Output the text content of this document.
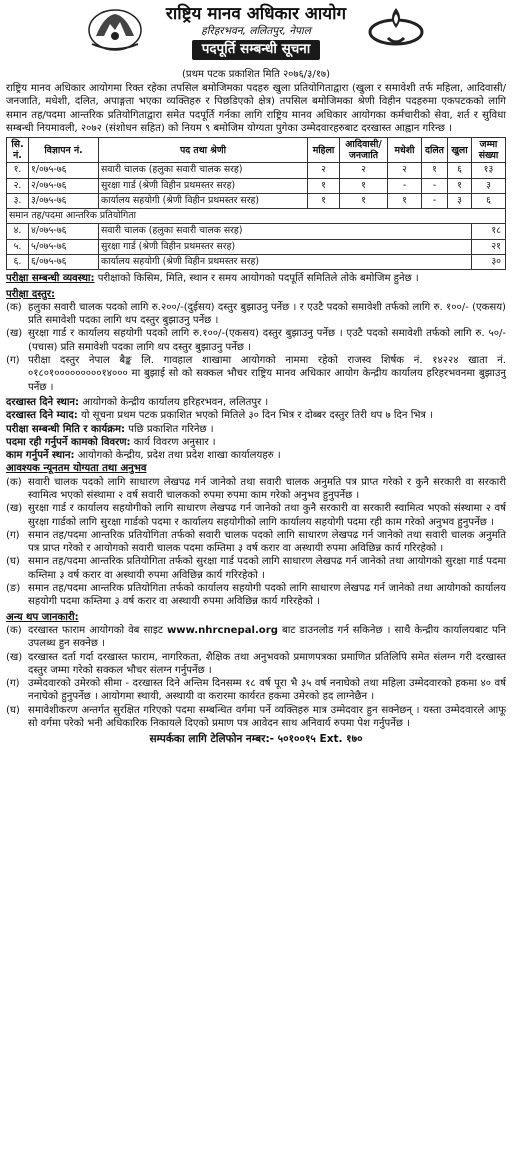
राष्ट्रिय मानव अधिकार आयोग
हरिहरभवन, ललितपुर, नेपाल
पदपूर्ति सम्बन्धी सूचना
(प्रथम पटक प्रकाशित मिति २०७६/३/१७)

राष्ट्रिय मानव अधिकार आयोगमा रिक्त रहेका तपसिल बमोजिमका पदहरु खुला प्रतियोगिताद्वारा (खुला र समावेशी तर्फ महिला, आदिवासी/जनजाति, मधेशी, दलित, अपाङ्गता भएका व्यक्तिहरु र पिछडिएको क्षेत्र) तपसिल बमोजिमका श्रेणी विहीन पदहरुमा एकपटकको लागि समान तह/पदमा आन्तरिक प्रतियोगिताद्वारा समेत पदपूर्ति गर्नका लागि राष्ट्रिय मानव अधिकार आयोगका कर्मचारीको सेवा, शर्त र सुविधा सम्बन्धी नियमावली, २०७२ (संशोधन सहित) को नियम ९ बमोजिम योग्यता पुगेका उम्मेदवारहरुबाट दरखास्त आह्वान गरिन्छ ।

सि. नं.	विज्ञापन नं.	पद तथा श्रेणी	महिला	आदिवासी/ जनजाति	मधेशी	दलित	खुला	जम्मा संख्या
१.	१/०७५-७६	सवारी चालक (हलुका सवारी चालक सरह)	२	२	२	१	६	१३
२.	२/०७५-७६	सुरक्षा गार्ड (श्रेणी विहीन प्रथमस्तर सरह)	१	१	-	-	१	३
३.	३/०७५-७६	कार्यालय सहयोगी (श्रेणी विहीन प्रथमस्तर सरह)	१	१	१	-	३	६
समान तह/पदमा आन्तरिक प्रतियोगिता								
४.	४/०७५-७६	सवारी चालक (हलुका सवारी चालक सरह)						१८
५.	५/०७५-७६	सुरक्षा गार्ड (श्रेणी विहीन प्रथमस्तर सरह)						२१
६.	६/०७५-७६	कार्यालय सहयोगी (श्रेणी विहीन प्रथमस्तर सरह)						३०
परीक्षा सम्बन्धी व्यवस्था: परीक्षाको किसिम, मिति, स्थान र समय आयोगको पदपूर्ति समितिले तोके बमोजिम हुनेछ ।
परीक्षा दस्तुर:
(क) हलुका सवारी चालक पदको लागि रु.२००/-(दुईसय) दस्तुर बुझाउनु पर्नेछ । र एउटै पदको समावेशी तर्फको लागि रु. १००/- (एकसय) प्रति समावेशी पदका लागि थप दस्तुर बुझाउनु पर्नेछ ।
(ख) सुरक्षा गार्ड र कार्यालय सहयोगी पदको लागि रु.१००/-(एकसय) दस्तुर बुझाउनु पर्नेछ । एउटै पदको समावेशी तर्फको लागि रु. ५०/- (पचास) प्रति समावेशी पदका लागि थप दस्तुर बुझाउनु पर्नेछ ।
(ग) परीक्षा दस्तुर नेपाल बैङ्क लि. गावहाल शाखामा आयोगको नाममा रहेको राजस्व शिर्षक नं. १४२२४ खाता नं. ०१८०१०००००००००१४००० मा बुझाई सो को सक्कल भौचर राष्ट्रिय मानव अधिकार आयोग केन्द्रीय कार्यालय हरिहरभवनमा बुझाउनु पर्नेछ ।
दरखास्त दिने स्थान: आयोगको केन्द्रीय कार्यालय हरिहरभवन, ललितपुर ।
दरखास्त दिने म्याद: यो सूचना प्रथम पटक प्रकाशित भएको मितिले ३० दिन भित्र र दोब्बर दस्तुर तिरी थप ७ दिन भित्र ।
परीक्षा सम्बन्धी मिति र कार्यक्रम: पछि प्रकाशित गरिनेछ ।
पदमा रही गर्नुपर्ने कामको विवरण: कार्य विवरण अनुसार ।
काम गर्नुपर्ने स्थान: आयोगको केन्द्रीय, प्रदेश तथा प्रदेश शाखा कार्यालयहरु ।
आवश्यक न्यूनतम योग्यता तथा अनुभव
(क) सवारी चालक पदको लागि साधारण लेखपढ गर्न जानेको तथा सवारी चालक अनुमति पत्र प्राप्त गरेको र कुनै सरकारी वा सरकारी स्वामित्व भएको संस्थामा २ वर्ष सवारी चालकको रुपमा रुपमा काम गरेको अनुभव हुनुपर्नेछ ।
(ख) सुरक्षा गार्ड र कार्यालय सहयोगीको लागि साधारण लेखपढ गर्न जानेको तथा कुनै सरकारी वा सरकारी स्वामित्व भएको संस्थामा २ वर्ष सुरक्षा गार्डको लागि सुरक्षा गार्डको पदमा र कार्यालय सहयोगीको लागि कार्यालय सहयोगी पदमा रही काम गरेको अनुभव हुनुपर्नेछ ।
(ग) समान तह/पदमा आन्तरिक प्रतियोगिता तर्फको सवारी चालक पदको लागि साधारण लेखपढ गर्न जानेको तथा सवारी चालक अनुमति पत्र प्राप्त गरेको र आयोगको सवारी चालक पदमा कम्तिमा ३ वर्ष करार वा अस्थायी रुपमा अविछिन्न कार्य गरिरहेको ।
(घ) समान तह/पदमा आन्तरिक प्रतियोगिता तर्फको सुरक्षा गार्ड पदको लागि साधारण लेखपढ गर्न जानेको तथा आयोगको सुरक्षा गार्ड पदमा कम्तिमा ३ वर्ष करार वा अस्थायी रुपमा अविछिन्न कार्य गरिरहेको ।
(ङ) समान तह/पदमा आन्तरिक प्रतियोगिता तर्फको कार्यालय सहयोगी पदको लागि साधारण लेखपढ गर्न जानेको तथा आयोगको कार्यालय सहयोगी पदमा कम्तिमा ३ वर्ष करार वा अस्थायी रुपमा अविछिन्न कार्य गरिरहेको ।
अन्य थप जानकारी:
(क) दरखास्त फाराम आयोगको वेब साइट www.nhrcnepal.org बाट डाउनलोड गर्न सकिनेछ । साथै केन्द्रीय कार्यालयबाट पनि उपलब्ध हुन सक्नेछ ।
(ख) दरखास्त दर्ता गर्दा दरखास्त फाराम, नागरिकता, शैक्षिक तथा अनुभवको प्रमाणपत्रका प्रमाणित प्रतिलिपि समेत संलग्न गरी दरखास्त दस्तुर जम्मा गरेको सक्कल भौचर संलग्न गर्नुपर्नेछ ।
(ग) उम्मेदवारको उमेरको सीमा - दरखास्त दिने अन्तिम दिनसम्म १८ वर्ष पूरा भै ३५ वर्ष ननाघेको तथा महिला उम्मेदवारको हकमा ४० वर्ष ननाघेको हुनुपर्नेछ । आयोगमा स्थायी, अस्थायी वा करारमा कार्यरत हकमा उमेरको हद लाग्नेछैन ।
(घ) समावेशीकरण अन्तर्गत सुरक्षित गरिएको पदमा सम्बन्धित वर्गमा पर्ने व्यक्तिहरु मात्र उम्मेदवार हुन सक्नेछन् । यस्ता उम्मेदवारले आफू सो वर्गमा परेको भनी अधिकारिक निकायले दिएको प्रमाण पत्र आवेदन साथ अनिवार्य रुपमा पेश गर्नुपर्नेछ ।
सम्पर्कका लागि टेलिफोन नम्बर:- ५०१००१५ Ext. १७०
